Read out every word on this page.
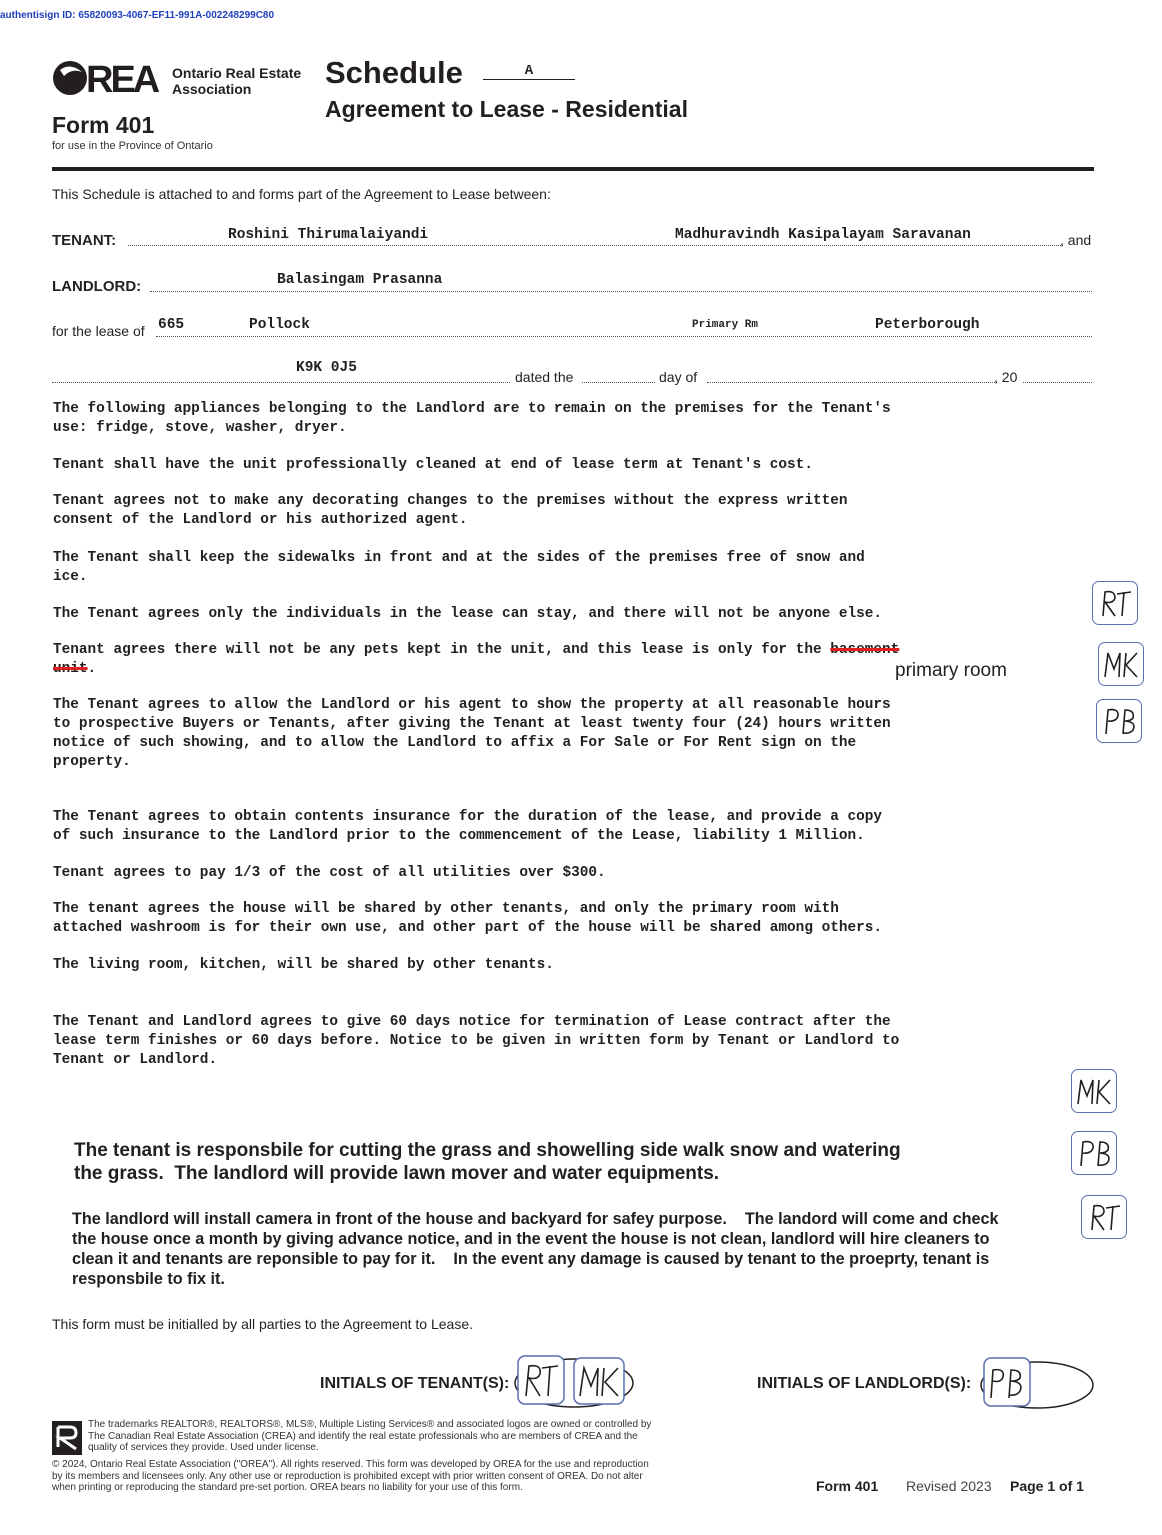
authentisign ID: 65820093-4067-EF11-991A-002248299C80
REA Ontario Real Estate
Association
Form 401
for use in the Province of Ontario
Schedule	A
Agreement to Lease - Residential
This Schedule is attached to and forms part of the Agreement to Lease between:
TENANT:	Roshini Thirumalaiyandi	Madhuravindh Kasipalayam Saravanan	, and
LANDLORD:	Balasingam Prasanna
for the lease of 665	Pollock	Primary Rm	Peterborough
K9K 0J5
dated the	day of	, 20
The following appliances belonging to the Landlord are to remain on the premises for the Tenant's
use: fridge, stove, washer, dryer.
Tenant shall have the unit professionally cleaned at end of lease term at Tenant's cost.
Tenant agrees not to make any decorating changes to the premises without the express written
consent of the Landlord or his authorized agent.
The Tenant shall keep the sidewalks in front and at the sides of the premises free of snow and
ice.
The Tenant agrees only the individuals in the lease can stay, and there will not be anyone else.
Tenant agrees there will not be any pets kept in the unit, and this lease is only for the basement
unit.	primary room
The Tenant agrees to allow the Landlord or his agent to show the property at all reasonable hours
to prospective Buyers or Tenants, after giving the Tenant at least twenty four (24) hours written
notice of such showing, and to allow the Landlord to affix a For Sale or For Rent sign on the
property.
The Tenant agrees to obtain contents insurance for the duration of the lease, and provide a copy
of such insurance to the Landlord prior to the commencement of the Lease, liability 1 Million.
Tenant agrees to pay 1/3 of the cost of all utilities over $300.
The tenant agrees the house will be shared by other tenants, and only the primary room with
attached washroom is for their own use, and other part of the house will be shared among others.
The living room, kitchen, will be shared by other tenants.
The Tenant and Landlord agrees to give 60 days notice for termination of Lease contract after the
lease term finishes or 60 days before. Notice to be given in written form by Tenant or Landlord to
Tenant or Landlord.
The tenant is responsbile for cutting the grass and showelling side walk snow and watering
the grass.  The landlord will provide lawn mover and water equipments.
The landlord will install camera in front of the house and backyard for safey purpose.    The landord will come and check
the house once a month by giving advance notice, and in the event the house is not clean, landlord will hire cleaners to
clean it and tenants are reponsible to pay for it.    In the event any damage is caused by tenant to the proeprty, tenant is
responsbile to fix it.
This form must be initialled by all parties to the Agreement to Lease.
INITIALS OF TENANT(S):	INITIALS OF LANDLORD(S):
The trademarks REALTOR®, REALTORS®, MLS®, Multiple Listing Services® and associated logos are owned or controlled by
The Canadian Real Estate Association (CREA) and identify the real estate professionals who are members of CREA and the
quality of services they provide. Used under license.
© 2024, Ontario Real Estate Association ("OREA"). All rights reserved. This form was developed by OREA for the use and reproduction
by its members and licensees only. Any other use or reproduction is prohibited except with prior written consent of OREA. Do not alter
when printing or reproducing the standard pre-set portion. OREA bears no liability for your use of this form.	Form 401 Revised 2023 Page 1 of 1
